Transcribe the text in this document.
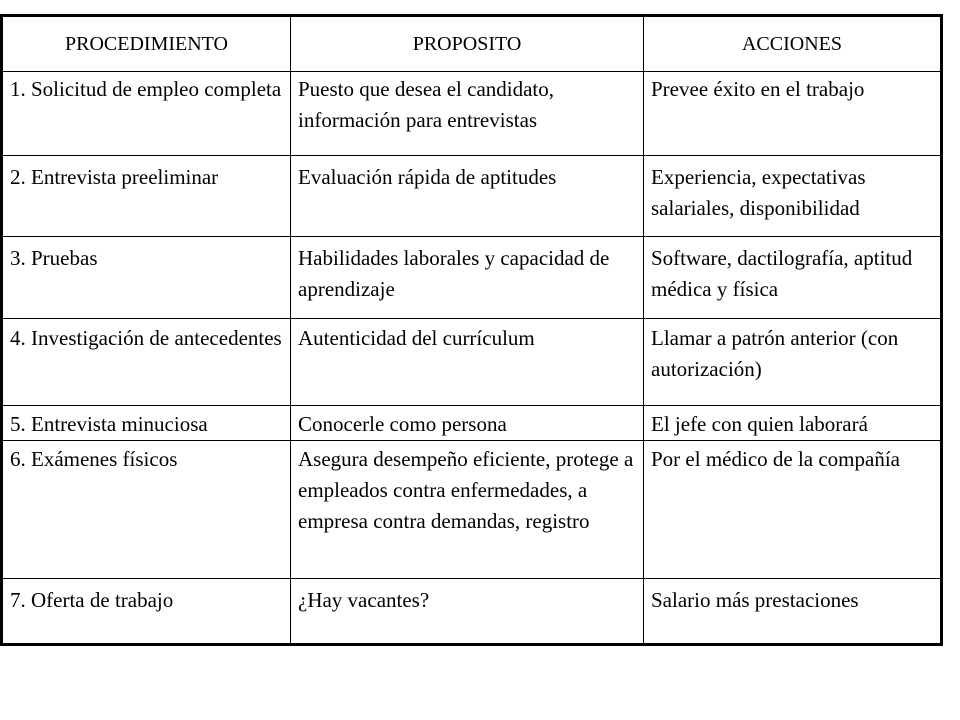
PROCEDIMIENTO	PROPOSITO	ACCIONES
1. Solicitud de empleo completa	Puesto que desea el candidato, información para entrevistas	Prevee éxito en el trabajo
2. Entrevista preeliminar	Evaluación rápida de aptitudes	Experiencia, expectativas salariales, disponibilidad
3. Pruebas	Habilidades laborales y capacidad de aprendizaje	Software, dactilografía, aptitud médica y física
4. Investigación de antecedentes	Autenticidad del currículum	Llamar a patrón anterior (con autorización)
5. Entrevista minuciosa	Conocerle como persona	El jefe con quien laborará
6. Exámenes físicos	Asegura desempeño eficiente, protege a empleados contra enfermedades, a empresa contra demandas, registro	Por el médico de la compañía
7. Oferta de trabajo	¿Hay vacantes?	Salario más prestaciones
